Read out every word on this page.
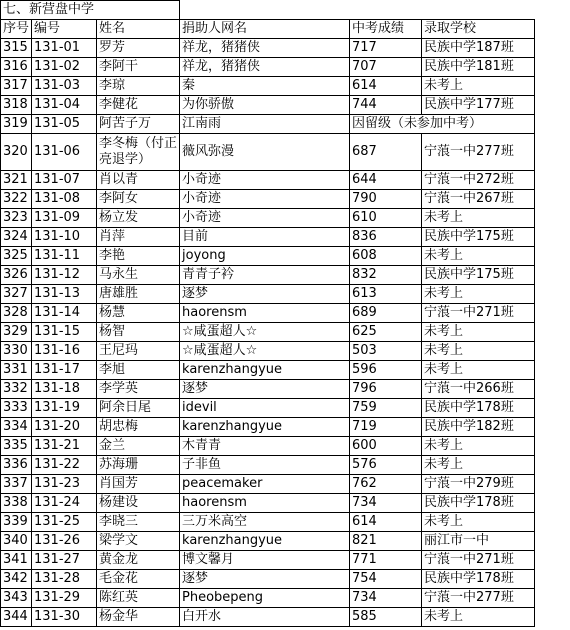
七、新营盘中学					
序号	编号	姓名	捐助人网名	中考成绩	录取学校
315	131-01	罗芳	祥龙，猪猪侠	717	民族中学187班
316	131-02	李阿干	祥龙，猪猪侠	707	民族中学181班
317	131-03	李琼	秦	614	未考上
318	131-04	李健花	为你骄傲	744	民族中学177班
319	131-05	阿苦子万	江南雨	因留级（未参加中考）	
320	131-06	李冬梅（付正亮退学）	薇风弥漫	687	宁蒗一中277班
321	131-07	肖以青	小奇迹	644	宁蒗一中272班
322	131-08	李阿女	小奇迹	790	宁蒗一中267班
323	131-09	杨立发	小奇迹	610	未考上
324	131-10	肖萍	目前	836	民族中学175班
325	131-11	李艳	joyong	608	未考上
326	131-12	马永生	青青子衿	832	民族中学175班
327	131-13	唐雄胜	逐梦	613	未考上
328	131-14	杨慧	haorensm	689	宁蒗一中271班
329	131-15	杨智	☆咸蛋超人☆	625	未考上
330	131-16	王尼玛	☆咸蛋超人☆	503	未考上
331	131-17	李旭	karenzhangyue	596	未考上
332	131-18	李学英	逐梦	796	宁蒗一中266班
333	131-19	阿余日尾	idevil	759	民族中学178班
334	131-20	胡忠梅	karenzhangyue	719	民族中学182班
335	131-21	金兰	木青青	600	未考上
336	131-22	苏海珊	子非鱼	576	未考上
337	131-23	肖国芳	peacemaker	762	宁蒗一中279班
338	131-24	杨建设	haorensm	734	民族中学178班
339	131-25	李晓三	三万米高空	614	未考上
340	131-26	梁学文	karenzhangyue	821	丽江市一中
341	131-27	黄金龙	博文馨月	771	宁蒗一中271班
342	131-28	毛金花	逐梦	754	民族中学178班
343	131-29	陈红英	Pheobepeng	734	宁蒗一中277班
344	131-30	杨金华	白开水	585	未考上
